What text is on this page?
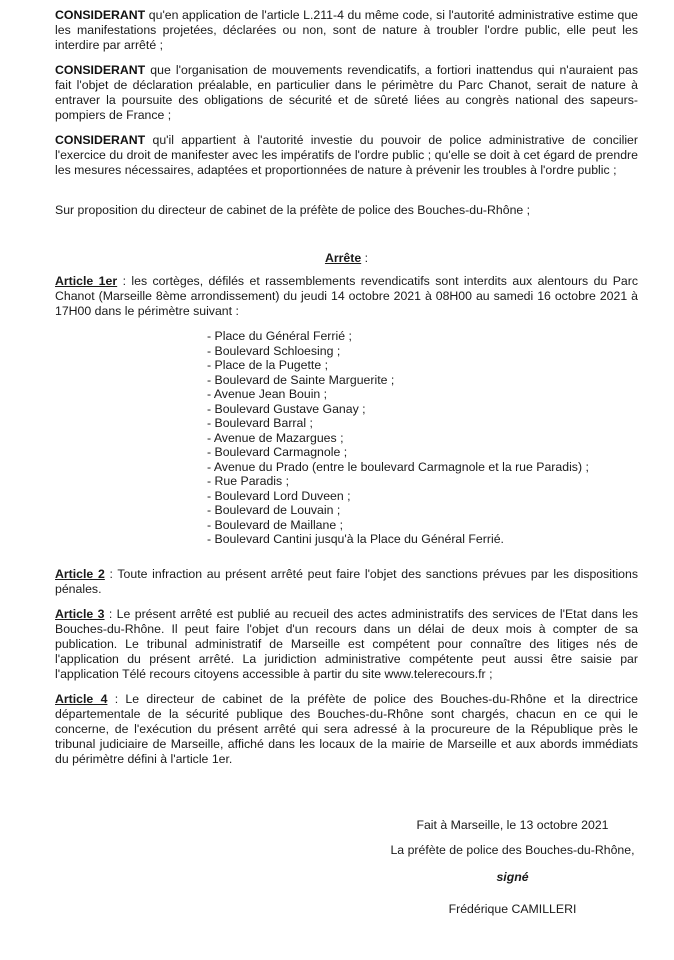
CONSIDERANT qu'en application de l'article L.211-4 du même code, si l'autorité administrative estime que les manifestations projetées, déclarées ou non, sont de nature à troubler l'ordre public, elle peut les interdire par arrêté ;

CONSIDERANT que l'organisation de mouvements revendicatifs, a fortiori inattendus qui n'auraient pas fait l'objet de déclaration préalable, en particulier dans le périmètre du Parc Chanot, serait de nature à entraver la poursuite des obligations de sécurité et de sûreté liées au congrès national des sapeurs-pompiers de France ;

CONSIDERANT qu'il appartient à l'autorité investie du pouvoir de police administrative de concilier l'exercice du droit de manifester avec les impératifs de l'ordre public ; qu'elle se doit à cet égard de prendre les mesures nécessaires, adaptées et proportionnées de nature à prévenir les troubles à l'ordre public ;

Sur proposition du directeur de cabinet de la préfète de police des Bouches-du-Rhône ;

Arrête :

Article 1er : les cortèges, défilés et rassemblements revendicatifs sont interdits aux alentours du Parc Chanot (Marseille 8ème arrondissement) du jeudi 14 octobre 2021 à 08H00 au samedi 16 octobre 2021 à 17H00 dans le périmètre suivant :

- Place du Général Ferrié ;
- Boulevard Schloesing ;
- Place de la Pugette ;
- Boulevard de Sainte Marguerite ;
- Avenue Jean Bouin ;
- Boulevard Gustave Ganay ;
- Boulevard Barral ;
- Avenue de Mazargues ;
- Boulevard Carmagnole ;
- Avenue du Prado (entre le boulevard Carmagnole et la rue Paradis) ;
- Rue Paradis ;
- Boulevard Lord Duveen ;
- Boulevard de Louvain ;
- Boulevard de Maillane ;
- Boulevard Cantini jusqu'à la Place du Général Ferrié.

Article 2 : Toute infraction au présent arrêté peut faire l'objet des sanctions prévues par les dispositions pénales.

Article 3 : Le présent arrêté est publié au recueil des actes administratifs des services de l'Etat dans les Bouches-du-Rhône. Il peut faire l'objet d'un recours dans un délai de deux mois à compter de sa publication. Le tribunal administratif de Marseille est compétent pour connaître des litiges nés de l'application du présent arrêté. La juridiction administrative compétente peut aussi être saisie par l'application Télé recours citoyens accessible à partir du site www.telerecours.fr ;

Article 4 : Le directeur de cabinet de la préfète de police des Bouches-du-Rhône et la directrice départementale de la sécurité publique des Bouches-du-Rhône sont chargés, chacun en ce qui le concerne, de l'exécution du présent arrêté qui sera adressé à la procureure de la République près le tribunal judiciaire de Marseille, affiché dans les locaux de la mairie de Marseille et aux abords immédiats du périmètre défini à l'article 1er.

Fait à Marseille, le 13 octobre 2021
La préfète de police des Bouches-du-Rhône,
signé
Frédérique CAMILLERI
